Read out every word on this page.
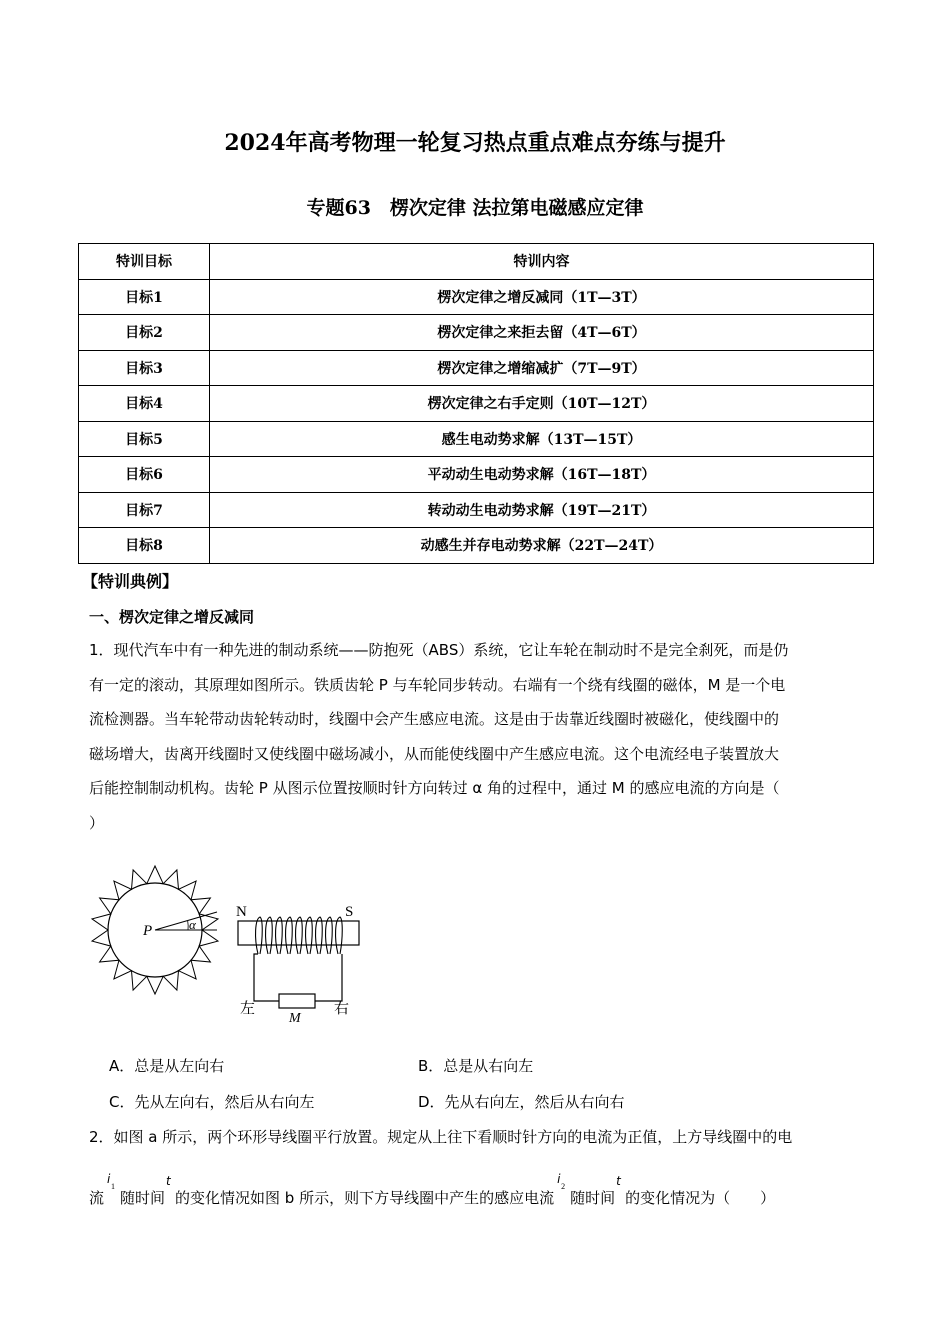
2024年高考物理一轮复习热点重点难点夯练与提升
专题63　楞次定律 法拉第电磁感应定律
特训目标	特训内容
目标1	楞次定律之增反减同（1T—3T）
目标2	楞次定律之来拒去留（4T—6T）
目标3	楞次定律之增缩减扩（7T—9T）
目标4	楞次定律之右手定则（10T—12T）
目标5	感生电动势求解（13T—15T）
目标6	平动动生电动势求解（16T—18T）
目标7	转动动生电动势求解（19T—21T）
目标8	动感生并存电动势求解（22T—24T）
【特训典例】
一、楞次定律之增反减同
1．现代汽车中有一种先进的制动系统——防抱死（ABS）系统，它让车轮在制动时不是完全刹死，而是仍
有一定的滚动，其原理如图所示。铁质齿轮 P 与车轮同步转动。右端有一个绕有线圈的磁体，M 是一个电
流检测器。当车轮带动齿轮转动时，线圈中会产生感应电流。这是由于齿靠近线圈时被磁化，使线圈中的
磁场增大，齿离开线圈时又使线圈中磁场减小，从而能使线圈中产生感应电流。这个电流经电子装置放大
后能控制制动机构。齿轮 P 从图示位置按顺时针方向转过 α 角的过程中，通过 M 的感应电流的方向是（
）
P	α
N	S
左
M
右
A．总是从左向右	B．总是从右向左
C．先从左向右，然后从右向左	D．先从右向左，然后从右向右
2．如图 a 所示，两个环形导线圈平行放置。规定从上往下看顺时针方向的电流为正值，上方导线圈中的电
流
i
1
随时间
t
的变化情况如图 b 所示，则下方导线圈中产生的感应电流
i
2
随时间
t
的变化情况为（　　）
